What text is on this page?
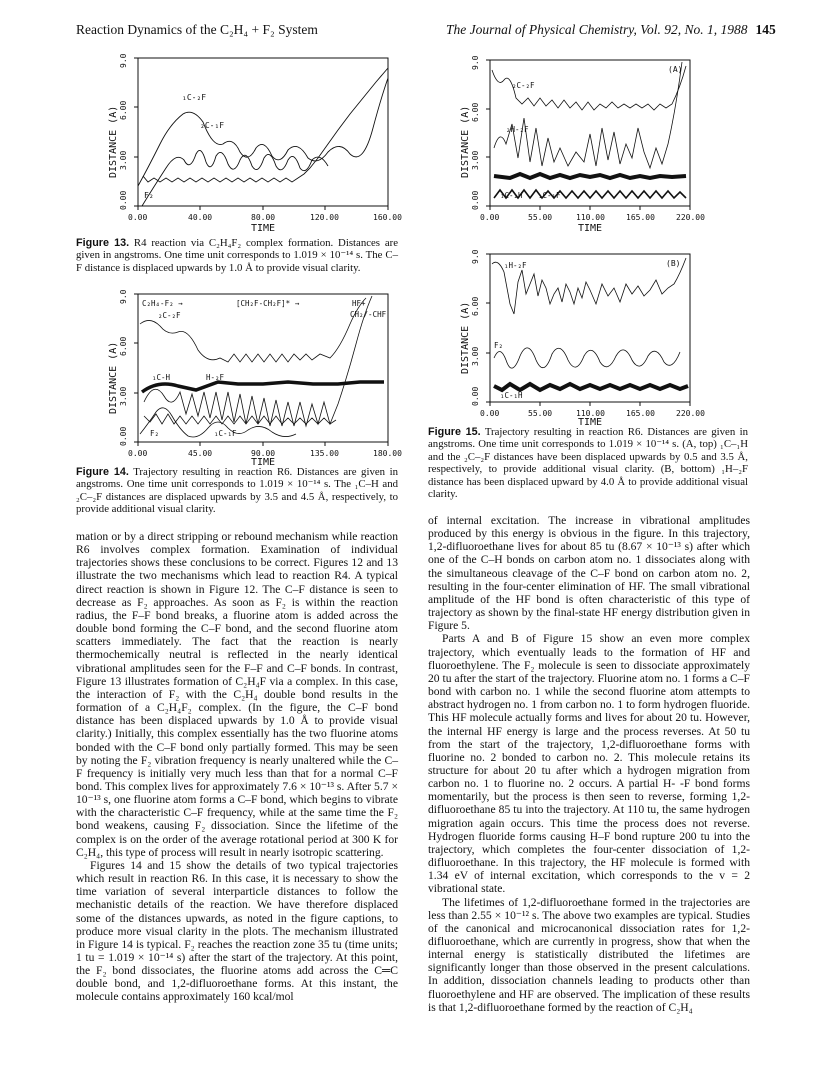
Reaction Dynamics of the C₂H₄ + F₂ System	The Journal of Physical Chemistry, Vol. 92, No. 1, 1988 145
0.00
3.00
6.00
9.0
DISTANCE (A)
0.00	40.00	80.00	120.00	160.00
TIME
₁C-₂F
₂C-₁F
F₂
Figure 13. R4 reaction via C₂H₄F₂ complex formation. Distances are given in angstroms. One time unit corresponds to 1.019 × 10⁻¹⁴ s. The C–F distance is displaced upwards by 1.0 Å to provide visual clarity.
0.00
3.00
6.00
9.0
DISTANCE (A)
0.00	45.00	90.00	135.00	180.00
TIME
C₂H₄-F₂ →	[CH₂F-CH₂F]* →	HF+
CH₂/-CHF
₂C-₂F
₁C-H	H-₂F
₁C-₁F
F₂
Figure 14. Trajectory resulting in reaction R6. Distances are given in angstroms. One time unit corresponds to 1.019 × 10⁻¹⁴ s. The ₁C–H and ₂C–₂F distances are displaced upwards by 3.5 and 4.5 Å, respectively, to provide additional visual clarity.
0.00
3.00
6.00
9.0
DISTANCE (A)
0.00	55.00	110.00	165.00	220.00
TIME
(A)
₂C-₂F
₂H-₂F
₁C-₂H ₁C-₁F
0.00
3.00
6.00
9.0
DISTANCE (A)
0.00	55.00	110.00	165.00	220.00
TIME
(B)
₁H-₂F
F₂
₁C-₁H
Figure 15. Trajectory resulting in reaction R6. Distances are given in angstroms. One time unit corresponds to 1.019 × 10⁻¹⁴ s. (A, top) ₁C–₁H and the ₂C–₂F distances have been displaced upwards by 0.5 and 3.5 Å, respectively, to provide additional visual clarity. (B, bottom) ₁H–₂F distance has been displaced upward by 4.0 Å to provide additional visual clarity.

mation or by a direct stripping or rebound mechanism while reaction R6 involves complex formation. Examination of individual trajectories shows these conclusions to be correct. Figures 12 and 13 illustrate the two mechanisms which lead to reaction R4. A typical direct reaction is shown in Figure 12. The C–F distance is seen to decrease as F₂ approaches. As soon as F₂ is within the reaction radius, the F–F bond breaks, a fluorine atom is added across the double bond forming the C–F bond, and the second fluorine atom scatters immediately. The fact that the reaction is nearly thermochemically neutral is reflected in the nearly identical vibrational amplitudes seen for the F–F and C–F bonds. In contrast, Figure 13 illustrates formation of C₂H₄F via a complex. In this case, the interaction of F₂ with the C₂H₄ double bond results in the formation of a C₂H₄F₂ complex. (In the figure, the C–F bond distance has been displaced upwards by 1.0 Å to provide visual clarity.) Initially, this complex essentially has the two fluorine atoms bonded with the C–F bond only partially formed. This may be seen by noting the F₂ vibration frequency is nearly unaltered while the C–F frequency is initially very much less than that for a normal C–F bond. This complex lives for approximately 7.6 × 10⁻¹³ s. After 5.7 × 10⁻¹³ s, one fluorine atom forms a C–F bond, which begins to vibrate with the characteristic C–F frequency, while at the same time the F₂ bond weakens, causing F₂ dissociation. Since the lifetime of the complex is on the order of the average rotational period at 300 K for C₂H₄, this type of process will result in nearly isotropic scattering.

Figures 14 and 15 show the details of two typical trajectories which result in reaction R6. In this case, it is necessary to show the time variation of several interparticle distances to follow the mechanistic details of the reaction. We have therefore displaced some of the distances upwards, as noted in the figure captions, to produce more visual clarity in the plots. The mechanism illustrated in Figure 14 is typical. F₂ reaches the reaction zone 35 tu (time units; 1 tu = 1.019 × 10⁻¹⁴ s) after the start of the trajectory. At this point, the F₂ bond dissociates, the fluorine atoms add across the C═C double bond, and 1,2-difluoroethane forms. At this instant, the molecule contains approximately 160 kcal/mol

of internal excitation. The increase in vibrational amplitudes produced by this energy is obvious in the figure. In this trajectory, 1,2-difluoroethane lives for about 85 tu (8.67 × 10⁻¹³ s) after which one of the C–H bonds on carbon atom no. 1 dissociates along with the simultaneous cleavage of the C–F bond on carbon atom no. 2, resulting in the four-center elimination of HF. The small vibrational amplitude of the HF bond is often characteristic of this type of trajectory as shown by the final-state HF energy distribution given in Figure 5.

Parts A and B of Figure 15 show an even more complex trajectory, which eventually leads to the formation of HF and fluoroethylene. The F₂ molecule is seen to dissociate approximately 20 tu after the start of the trajectory. Fluorine atom no. 1 forms a C–F bond with carbon no. 1 while the second fluorine atom attempts to abstract hydrogen no. 1 from carbon no. 1 to form hydrogen fluoride. This HF molecule actually forms and lives for about 20 tu. However, the internal HF energy is large and the process reverses. At 50 tu from the start of the trajectory, 1,2-difluoroethane forms with fluorine no. 2 bonded to carbon no. 2. This molecule retains its structure for about 20 tu after which a hydrogen migration from carbon no. 1 to fluorine no. 2 occurs. A partial H- -F bond forms momentarily, but the process is then seen to reverse, forming 1,2-difluoroethane 85 tu into the trajectory. At 110 tu, the same hydrogen migration again occurs. This time the process does not reverse. Hydrogen fluoride forms causing H–F bond rupture 200 tu into the trajectory, which completes the four-center dissociation of 1,2-difluoroethane. In this trajectory, the HF molecule is formed with 1.34 eV of internal excitation, which corresponds to the v = 2 vibrational state.

The lifetimes of 1,2-difluoroethane formed in the trajectories are less than 2.55 × 10⁻¹² s. The above two examples are typical. Studies of the canonical and microcanonical dissociation rates for 1,2-difluoroethane, which are currently in progress, show that when the internal energy is statistically distributed the lifetimes are significantly longer than those observed in the present calculations. In addition, dissociation channels leading to products other than fluoroethylene and HF are observed. The implication of these results is that 1,2-difluoroethane formed by the reaction of C₂H₄
